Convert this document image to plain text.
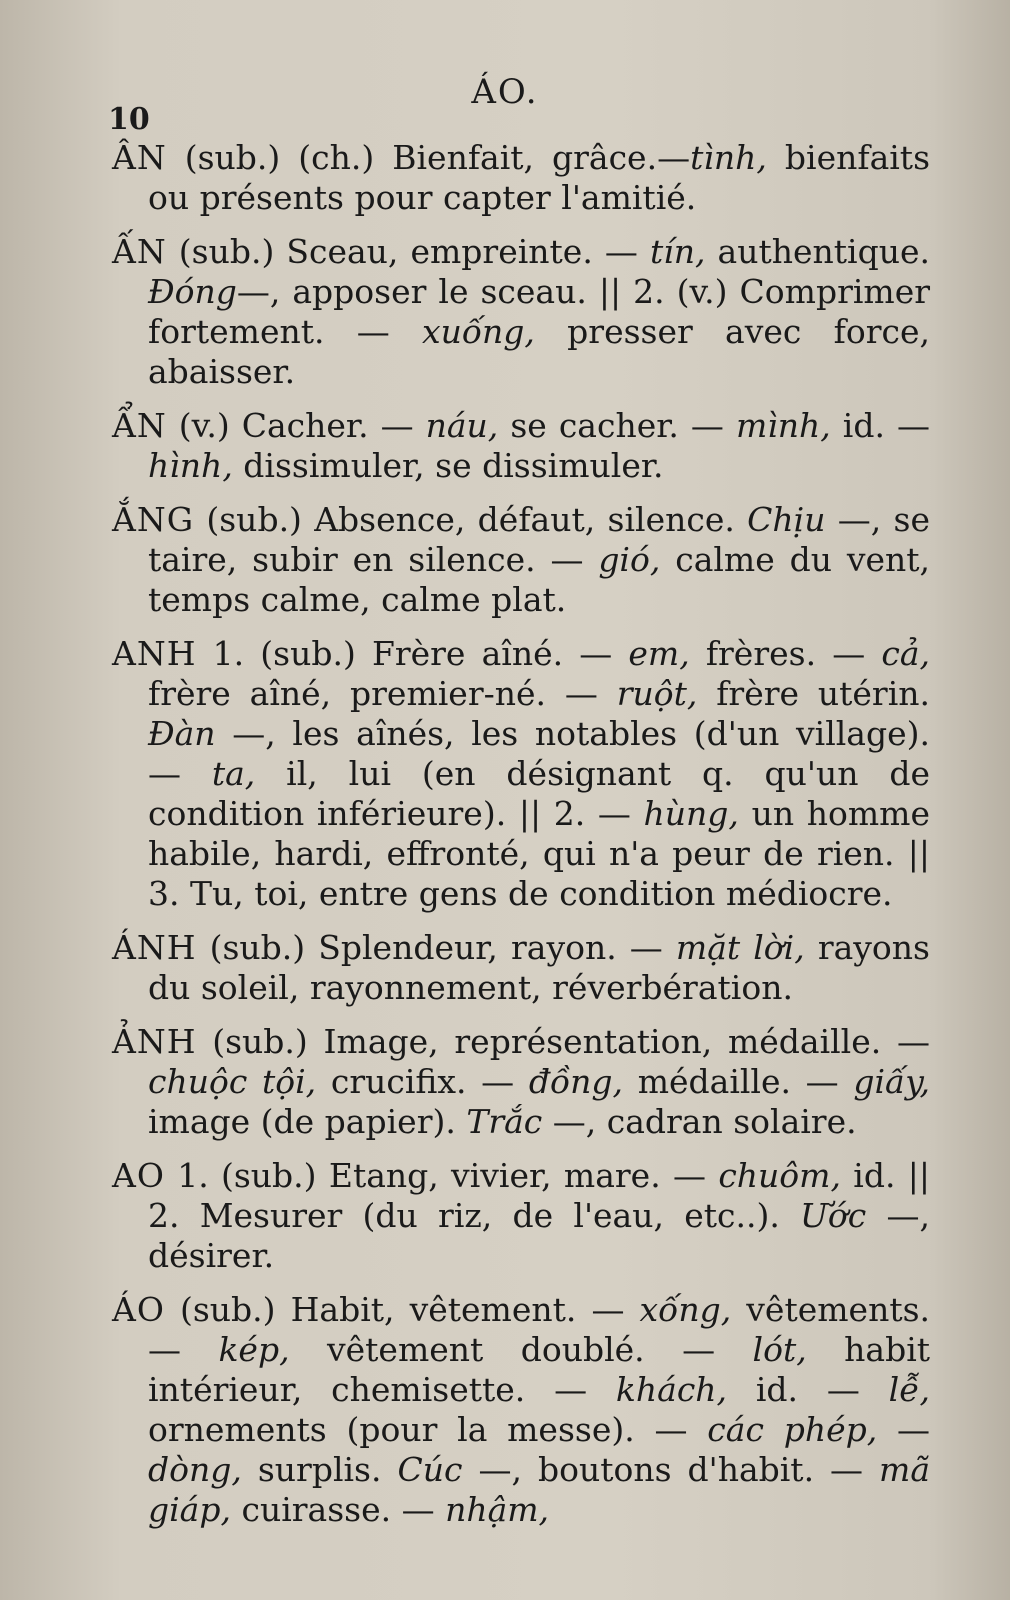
ÁO.
10

ÂN (sub.) (ch.) Bienfait, grâce.—tình, bienfaits ou présents pour capter l'amitié.

ẤN (sub.) Sceau, empreinte. — tín, authentique. Đóng—, apposer le sceau. || 2. (v.) Comprimer fortement. — xuống, presser avec force, abaisser.

ẨN (v.) Cacher. — náu, se cacher. — mình, id. — hình, dissimuler, se dissimuler.

ẮNG (sub.) Absence, défaut, silence. Chịu —, se taire, subir en silence. — gió, calme du vent, temps calme, calme plat.

ANH 1. (sub.) Frère aîné. — em, frères. — cả, frère aîné, premier-né. — ruột, frère utérin. Đàn —, les aînés, les notables (d'un village). — ta, il, lui (en désignant q. qu'un de condition inférieure). || 2. — hùng, un homme habile, hardi, effronté, qui n'a peur de rien. || 3. Tu, toi, entre gens de condition médiocre.

ÁNH (sub.) Splendeur, rayon. — mặt lời, rayons du soleil, rayonnement, réverbération.

ẢNH (sub.) Image, représentation, médaille. — chuộc tội, crucifix. — đồng, médaille. — giấy, image (de papier). Trắc —, cadran solaire.

AO 1. (sub.) Etang, vivier, mare. — chuôm, id. || 2. Mesurer (du riz, de l'eau, etc..). Ước —, désirer.

ÁO (sub.) Habit, vêtement. — xống, vêtements. — kép, vêtement doublé. — lót, habit intérieur, chemisette. — khách, id. — lễ, ornements (pour la messe). — các phép, — dòng, surplis. Cúc —, boutons d'habit. — mã giáp, cuirasse. — nhậm,
